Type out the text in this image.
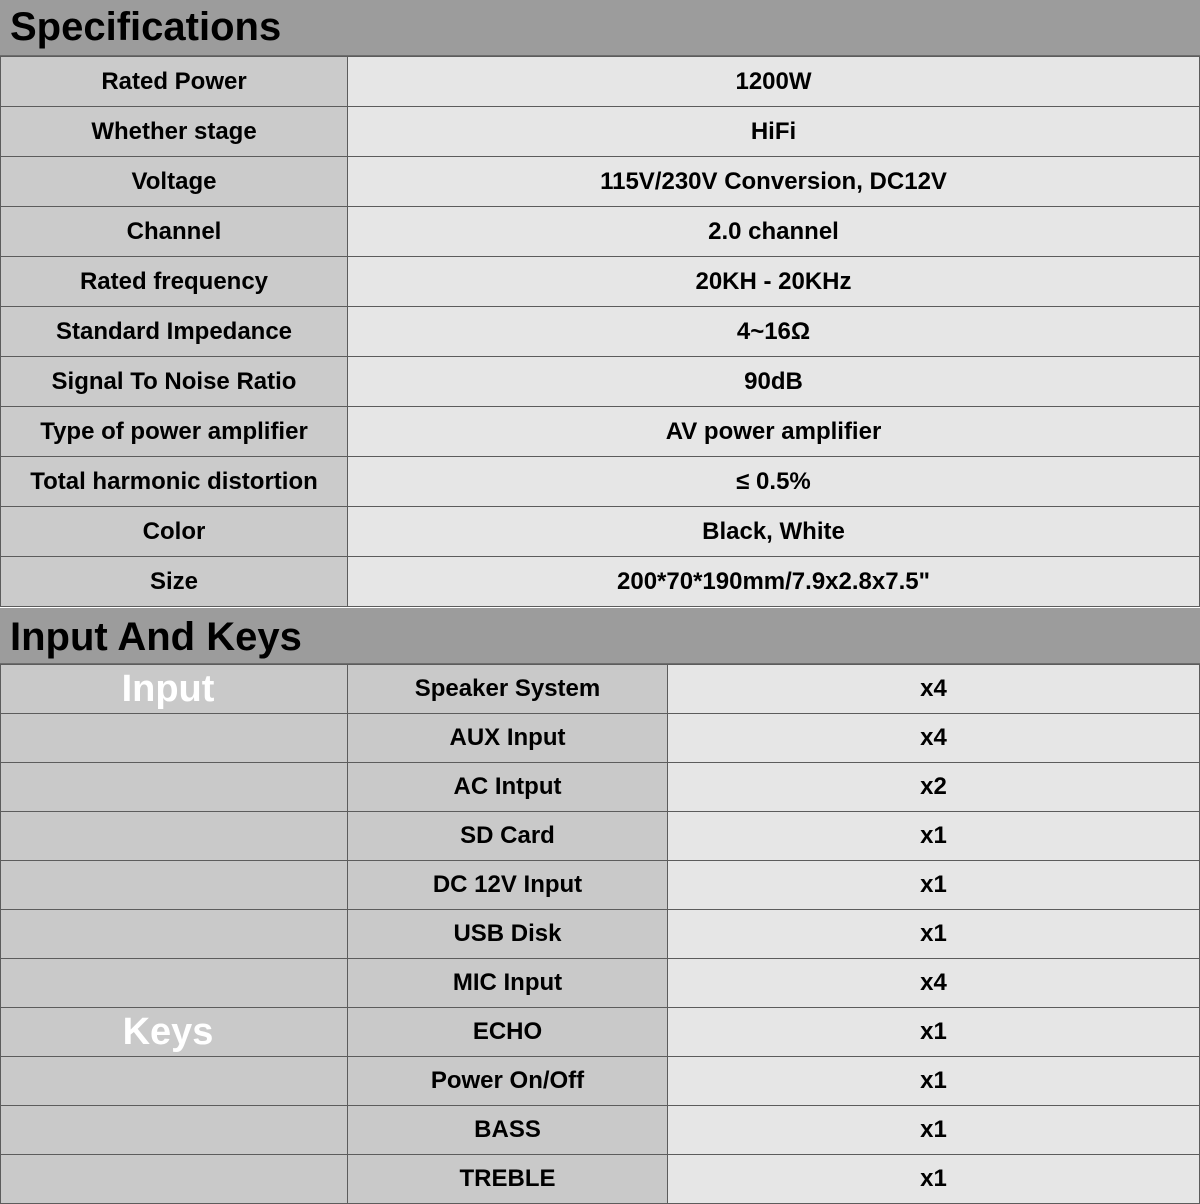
Specifications
Rated Power	1200W
Whether stage	HiFi
Voltage	115V/230V Conversion, DC12V
Channel	2.0 channel
Rated frequency	20KH - 20KHz
Standard Impedance	4~16Ω
Signal To Noise Ratio	90dB
Type of power amplifier	AV power amplifier
Total harmonic distortion	≤ 0.5%
Color	Black, White
Size	200*70*190mm/7.9x2.8x7.5"
Input And Keys
Input	Speaker System	x4
	AUX Input	x4
	AC Intput	x2
	SD Card	x1
	DC 12V Input	x1
	USB Disk	x1
	MIC Input	x4
Keys	ECHO	x1
	Power On/Off	x1
	BASS	x1
	TREBLE	x1
